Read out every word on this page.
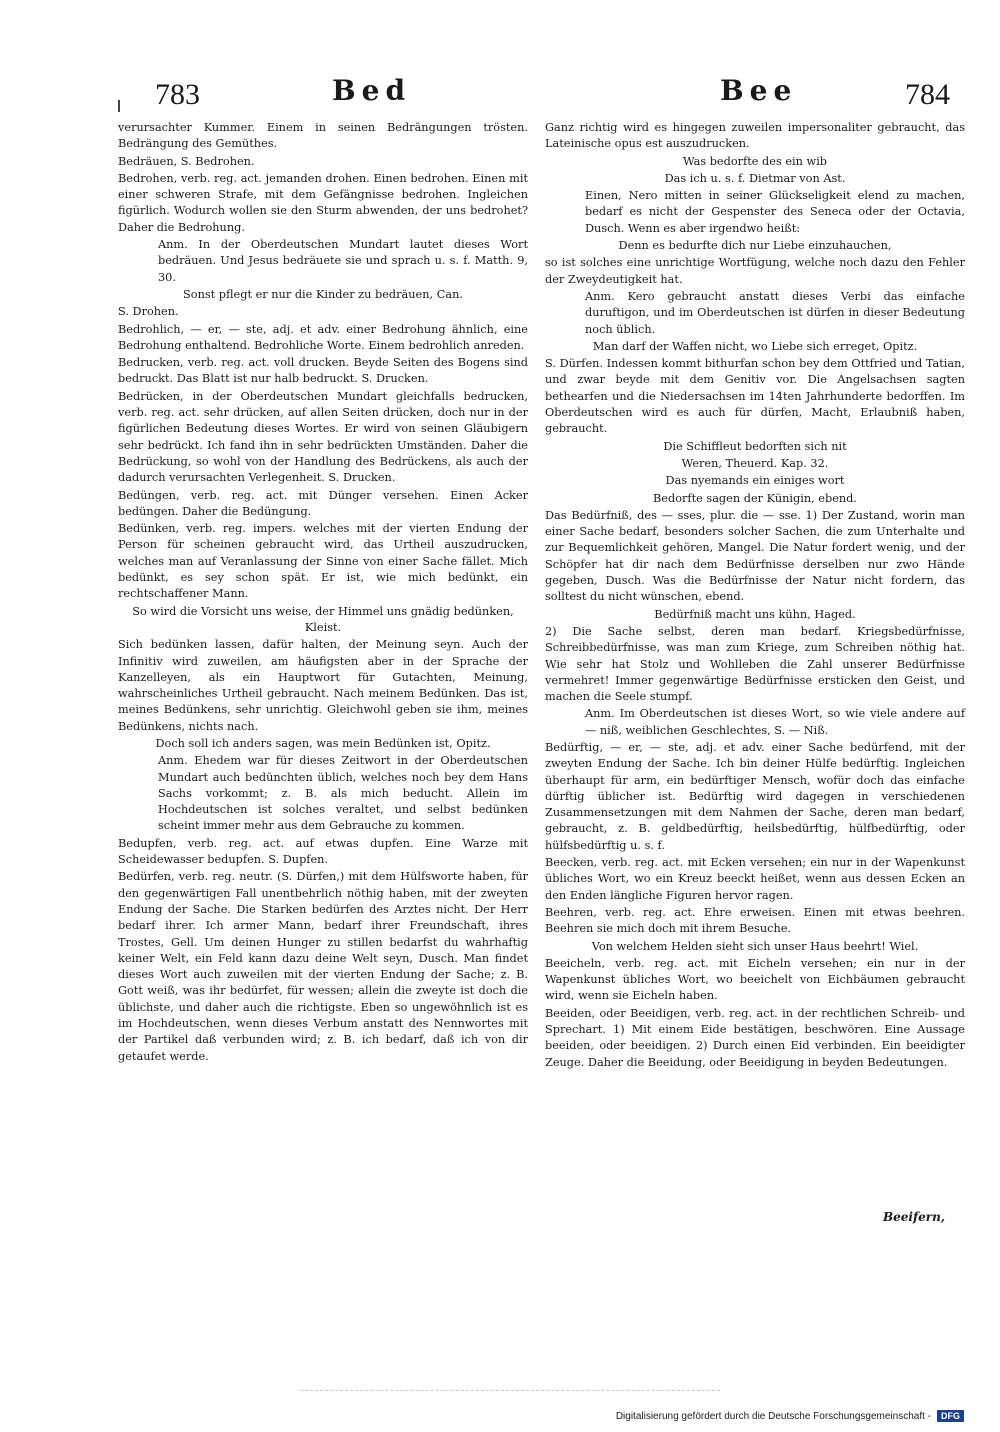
783	Bed	Bee	784

verursachter Kummer. Einem in seinen Bedrängungen trösten. Bedrängung des Gemüthes.

Bedräuen, S. Bedrohen.

Bedrohen, verb. reg. act. jemanden drohen. Einen bedrohen. Einen mit einer schweren Strafe, mit dem Gefängnisse bedrohen. Ingleichen figürlich. Wodurch wollen sie den Sturm abwenden, der uns bedrohet? Daher die Bedrohung.

Anm. In der Oberdeutschen Mundart lautet dieses Wort bedräuen. Und Jesus bedräuete sie und sprach u. s. f. Matth. 9, 30.

Sonst pflegt er nur die Kinder zu bedräuen, Can.

S. Drohen.

Bedrohlich, — er, — ste, adj. et adv. einer Bedrohung ähnlich, eine Bedrohung enthaltend. Bedrohliche Worte. Einem bedrohlich anreden.

Bedrucken, verb. reg. act. voll drucken. Beyde Seiten des Bogens sind bedruckt. Das Blatt ist nur halb bedruckt. S. Drucken.

Bedrücken, in der Oberdeutschen Mundart gleichfalls bedrucken, verb. reg. act. sehr drücken, auf allen Seiten drücken, doch nur in der figürlichen Bedeutung dieses Wortes. Er wird von seinen Gläubigern sehr bedrückt. Ich fand ihn in sehr bedrückten Umständen. Daher die Bedrückung, so wohl von der Handlung des Bedrückens, als auch der dadurch verursachten Verlegenheit. S. Drucken.

Bedüngen, verb. reg. act. mit Dünger versehen. Einen Acker bedüngen. Daher die Bedüngung.

Bedünken, verb. reg. impers. welches mit der vierten Endung der Person für scheinen gebraucht wird, das Urtheil auszudrucken, welches man auf Veranlassung der Sinne von einer Sache fället. Mich bedünkt, es sey schon spät. Er ist, wie mich bedünkt, ein rechtschaffener Mann.

So wird die Vorsicht uns weise, der Himmel uns gnädig bedünken, Kleist.

Sich bedünken lassen, dafür halten, der Meinung seyn. Auch der Infinitiv wird zuweilen, am häufigsten aber in der Sprache der Kanzelleyen, als ein Hauptwort für Gutachten, Meinung, wahrscheinliches Urtheil gebraucht. Nach meinem Bedünken. Das ist, meines Bedünkens, sehr unrichtig. Gleichwohl geben sie ihm, meines Bedünkens, nichts nach.

Doch soll ich anders sagen, was mein Bedünken ist, Opitz.

Anm. Ehedem war für dieses Zeitwort in der Oberdeutschen Mundart auch bedünchten üblich, welches noch bey dem Hans Sachs vorkommt; z. B. als mich beducht. Allein im Hochdeutschen ist solches veraltet, und selbst bedünken scheint immer mehr aus dem Gebrauche zu kommen.

Bedupfen, verb. reg. act. auf etwas dupfen. Eine Warze mit Scheidewasser bedupfen. S. Dupfen.

Bedürfen, verb. reg. neutr. (S. Dürfen,) mit dem Hülfsworte haben, für den gegenwärtigen Fall unentbehrlich nöthig haben, mit der zweyten Endung der Sache. Die Starken bedürfen des Arztes nicht. Der Herr bedarf ihrer. Ich armer Mann, bedarf ihrer Freundschaft, ihres Trostes, Gell. Um deinen Hunger zu stillen bedarfst du wahrhaftig keiner Welt, ein Feld kann dazu deine Welt seyn, Dusch. Man findet dieses Wort auch zuweilen mit der vierten Endung der Sache; z. B. Gott weiß, was ihr bedürfet, für wessen; allein die zweyte ist doch die üblichste, und daher auch die richtigste. Eben so ungewöhnlich ist es im Hochdeutschen, wenn dieses Verbum anstatt des Nennwortes mit der Partikel daß verbunden wird; z. B. ich bedarf, daß ich von dir getaufet werde.

Ganz richtig wird es hingegen zuweilen impersonaliter gebraucht, das Lateinische opus est auszudrucken.

Was bedorfte des ein wib

Das ich u. s. f. Dietmar von Ast.

Einen, Nero mitten in seiner Glückseligkeit elend zu machen, bedarf es nicht der Gespenster des Seneca oder der Octavia, Dusch. Wenn es aber irgendwo heißt:

Denn es bedurfte dich nur Liebe einzuhauchen,

so ist solches eine unrichtige Wortfügung, welche noch dazu den Fehler der Zweydeutigkeit hat.

Anm. Kero gebraucht anstatt dieses Verbi das einfache duruftigon, und im Oberdeutschen ist dürfen in dieser Bedeutung noch üblich.

Man darf der Waffen nicht, wo Liebe sich erreget, Opitz.

S. Dürfen. Indessen kommt bithurfan schon bey dem Ottfried und Tatian, und zwar beyde mit dem Genitiv vor. Die Angelsachsen sagten bethearfen und die Niedersachsen im 14ten Jahrhunderte bedorffen. Im Oberdeutschen wird es auch für dürfen, Macht, Erlaubniß haben, gebraucht.

Die Schiffleut bedorften sich nit

Weren, Theuerd. Kap. 32.

Das nyemands ein einiges wort

Bedorfte sagen der Künigin, ebend.

Das Bedürfniß, des — sses, plur. die — sse. 1) Der Zustand, worin man einer Sache bedarf, besonders solcher Sachen, die zum Unterhalte und zur Bequemlichkeit gehören, Mangel. Die Natur fordert wenig, und der Schöpfer hat dir nach dem Bedürfnisse derselben nur zwo Hände gegeben, Dusch. Was die Bedürfnisse der Natur nicht fordern, das solltest du nicht wünschen, ebend.

Bedürfniß macht uns kühn, Haged.

2) Die Sache selbst, deren man bedarf. Kriegsbedürfnisse, Schreibbedürfnisse, was man zum Kriege, zum Schreiben nöthig hat. Wie sehr hat Stolz und Wohlleben die Zahl unserer Bedürfnisse vermehret! Immer gegenwärtige Bedürfnisse ersticken den Geist, und machen die Seele stumpf.

Anm. Im Oberdeutschen ist dieses Wort, so wie viele andere auf — niß, weiblichen Geschlechtes, S. — Niß.

Bedürftig, — er, — ste, adj. et adv. einer Sache bedürfend, mit der zweyten Endung der Sache. Ich bin deiner Hülfe bedürftig. Ingleichen überhaupt für arm, ein bedürftiger Mensch, wofür doch das einfache dürftig üblicher ist. Bedürftig wird dagegen in verschiedenen Zusammensetzungen mit dem Nahmen der Sache, deren man bedarf, gebraucht, z. B. geldbedürftig, heilsbedürftig, hülfbedürftig, oder hülfsbedürftig u. s. f.

Beecken, verb. reg. act. mit Ecken versehen; ein nur in der Wapenkunst übliches Wort, wo ein Kreuz beeckt heißet, wenn aus dessen Ecken an den Enden längliche Figuren hervor ragen.

Beehren, verb. reg. act. Ehre erweisen. Einen mit etwas beehren. Beehren sie mich doch mit ihrem Besuche.

Von welchem Helden sieht sich unser Haus beehrt! Wiel.

Beeicheln, verb. reg. act. mit Eicheln versehen; ein nur in der Wapenkunst übliches Wort, wo beeichelt von Eichbäumen gebraucht wird, wenn sie Eicheln haben.

Beeiden, oder Beeidigen, verb. reg. act. in der rechtlichen Schreib- und Sprechart. 1) Mit einem Eide bestätigen, beschwören. Eine Aussage beeiden, oder beeidigen. 2) Durch einen Eid verbinden. Ein beeidigter Zeuge. Daher die Beeidung, oder Beeidigung in beyden Bedeutungen.

Beeifern,
Digitalisierung gefördert durch die Deutsche Forschungsgemeinschaft -	DFG
